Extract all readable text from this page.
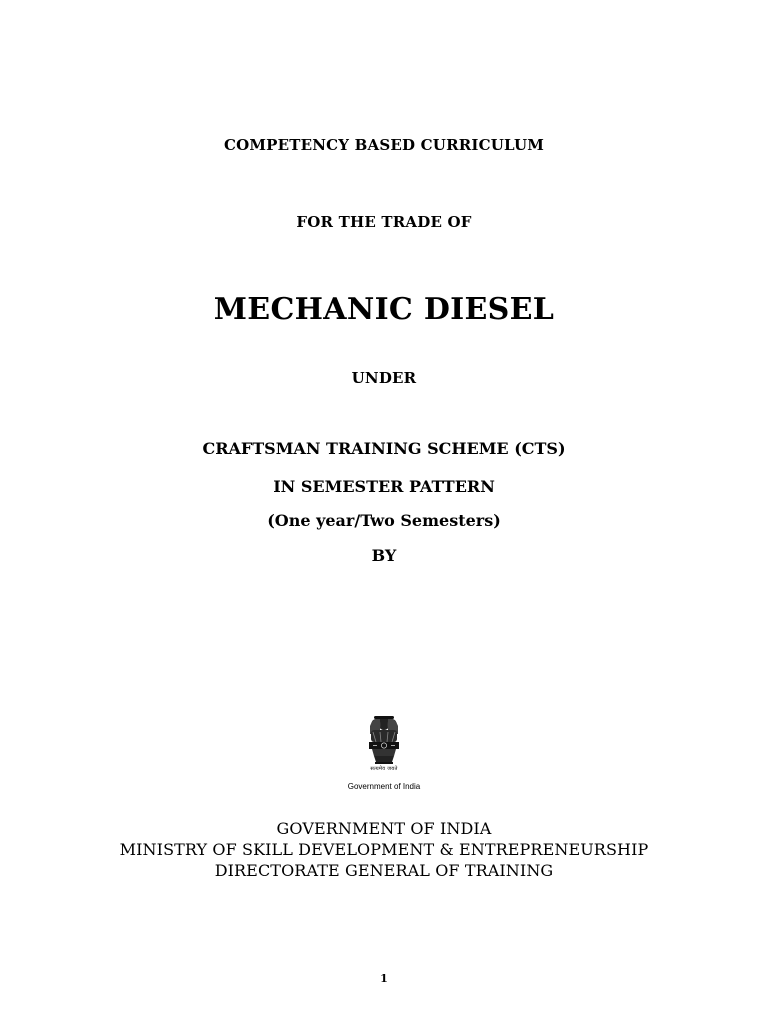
COMPETENCY BASED CURRICULUM
FOR THE TRADE OF
MECHANIC DIESEL
UNDER
CRAFTSMAN TRAINING SCHEME (CTS)
IN SEMESTER PATTERN
(One year/Two Semesters)
BY
सत्यमेव जयते
Government of India
GOVERNMENT OF INDIA
MINISTRY OF SKILL DEVELOPMENT & ENTREPRENEURSHIP
DIRECTORATE GENERAL OF TRAINING
1
